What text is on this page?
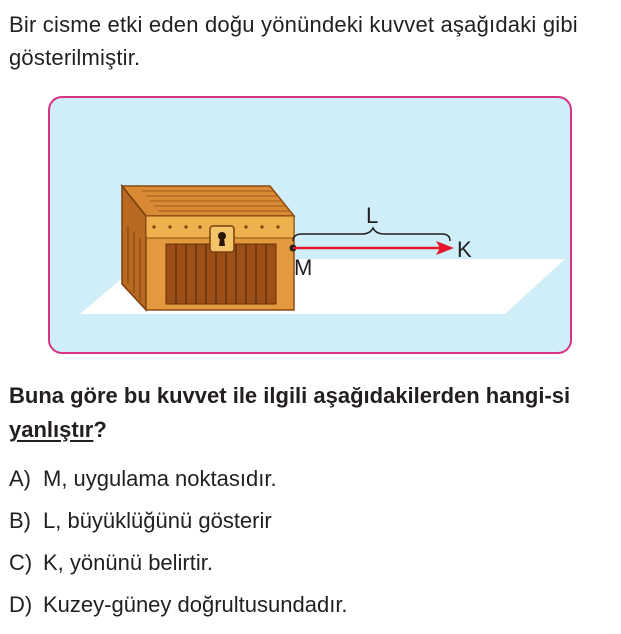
Bir cisme etki eden doğu yönündeki kuvvet aşağıdaki gibi gösterilmiştir.
L
K
M
Buna göre bu kuvvet ile ilgili aşağıdakilerden hangi-si yanlıştır?
A) M, uygulama noktasıdır.
B) L, büyüklüğünü gösterir
C) K, yönünü belirtir.
D) Kuzey-güney doğrultusundadır.
